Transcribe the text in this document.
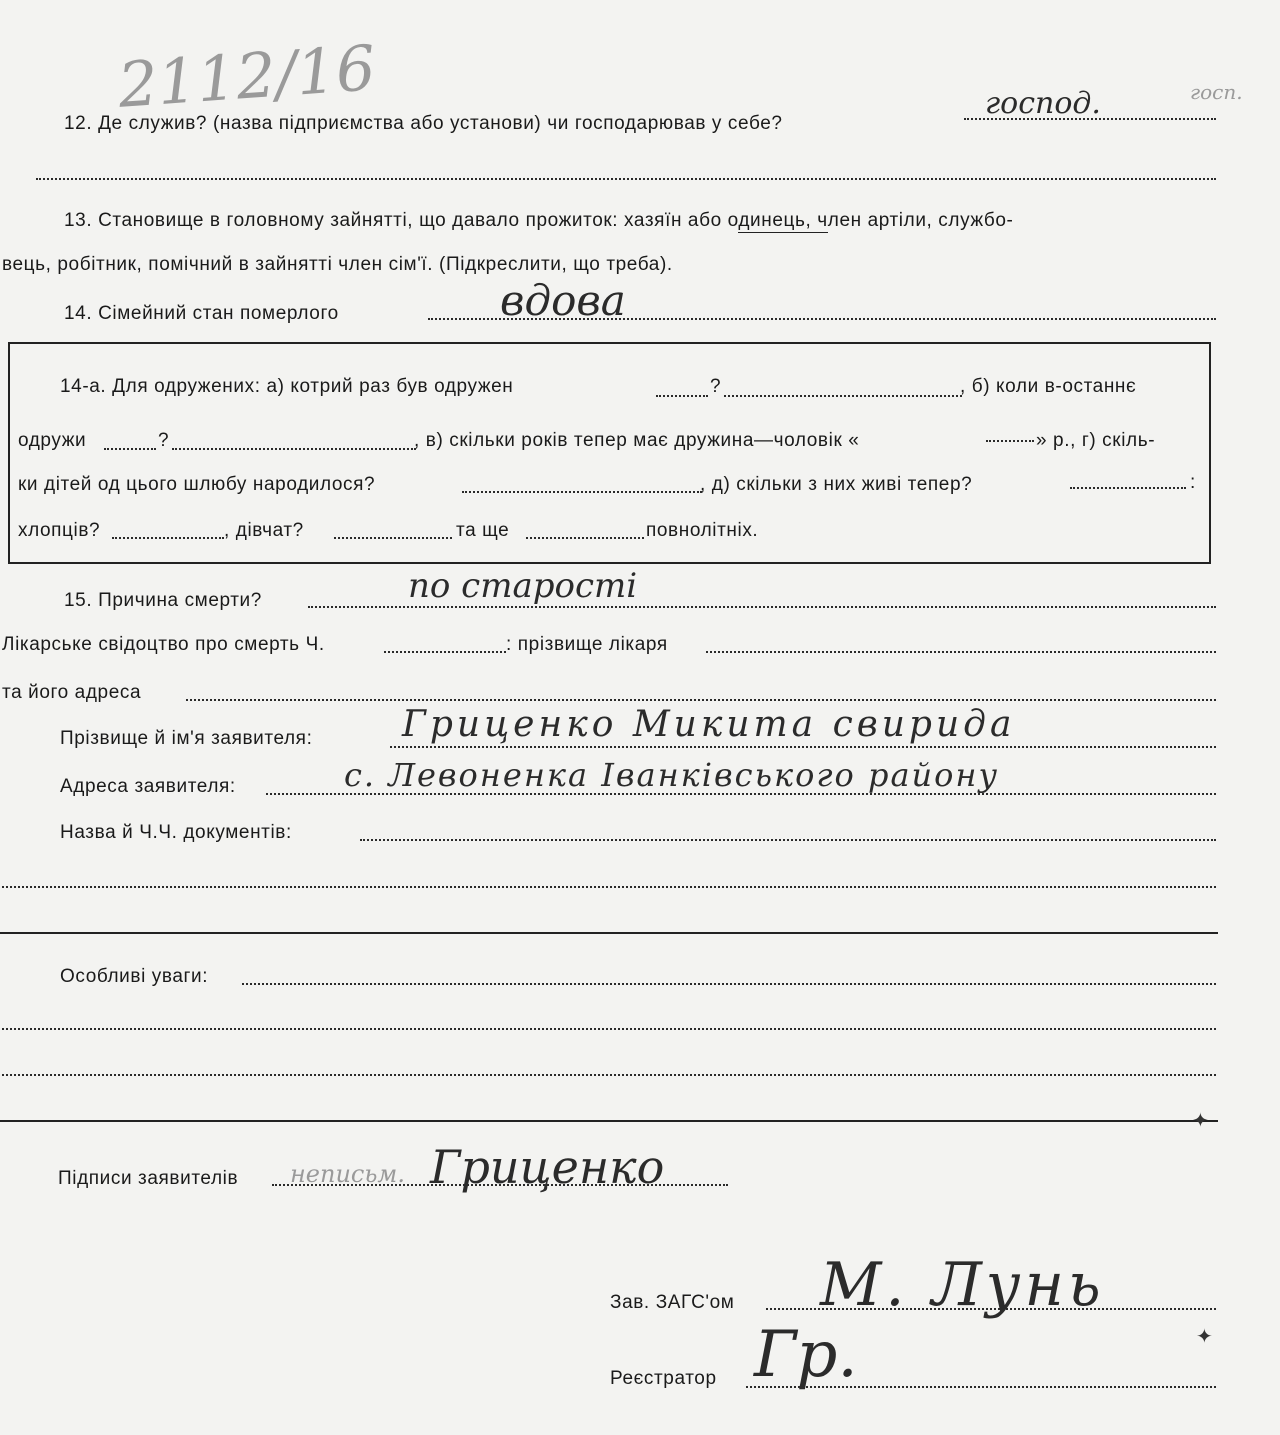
2112/16
12. Де служив? (назва підприємства або установи) чи господарював у себе?
господ.	госп.
13. Становище в головному зайнятті, що давало прожиток: хазяїн або одинець, член артіли, службо-
вець, робітник, помічний в зайнятті член сім'ї. (Підкреслити, що треба).
14. Сімейний стан померлого	вдова
14-а. Для одружених: а) котрий раз був одружен	?	, б) коли в-останнє
одружи	?	, в) скільки років тепер має дружина—чоловік «	» р., г) скіль-
ки дітей од цього шлюбу народилося?	, д) скільки з них живі тепер?	:
хлопців?	, дівчат?	та ще	повнолітніх.
15. Причина смерти?	по старості
Лікарське свідоцтво про смерть Ч.	: прізвище лікаря
та його адреса
Прізвище й ім'я заявителя: Гриценко Микита свирида
Адреса заявителя:	с. Левоненка Іванківського району
Назва й Ч.Ч. документів:
Особливі уваги:
✦
Підписи заявителів неписьм. Гриценко
Зав. ЗАГС'ом М. Лунь
✦
Реєстратор Гр.
